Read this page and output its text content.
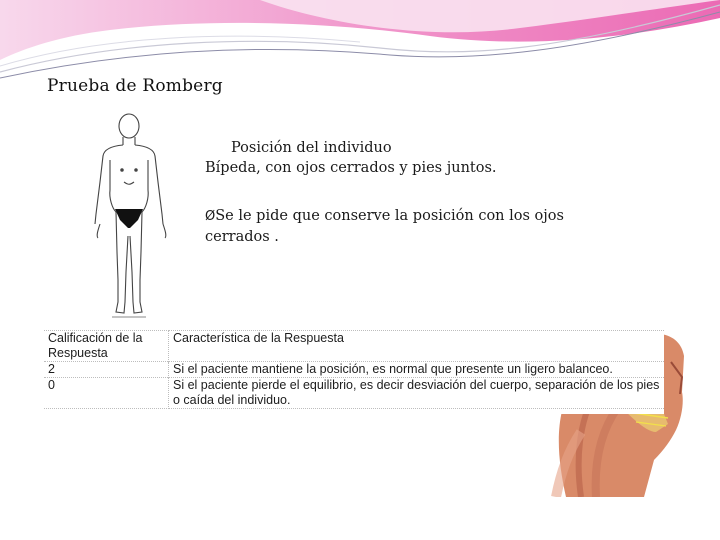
Prueba de Romberg
Posición del individuo
Bípeda, con ojos cerrados y pies juntos.
ØSe le pide que conserve la posición con los ojos
cerrados .
Calificación de la Respuesta	Característica de la Respuesta
2	Si el paciente mantiene la posición, es normal que presente un ligero balanceo.
0	Si el paciente pierde el equilibrio, es decir desviación del cuerpo, separación de los pies o caída del individuo.
